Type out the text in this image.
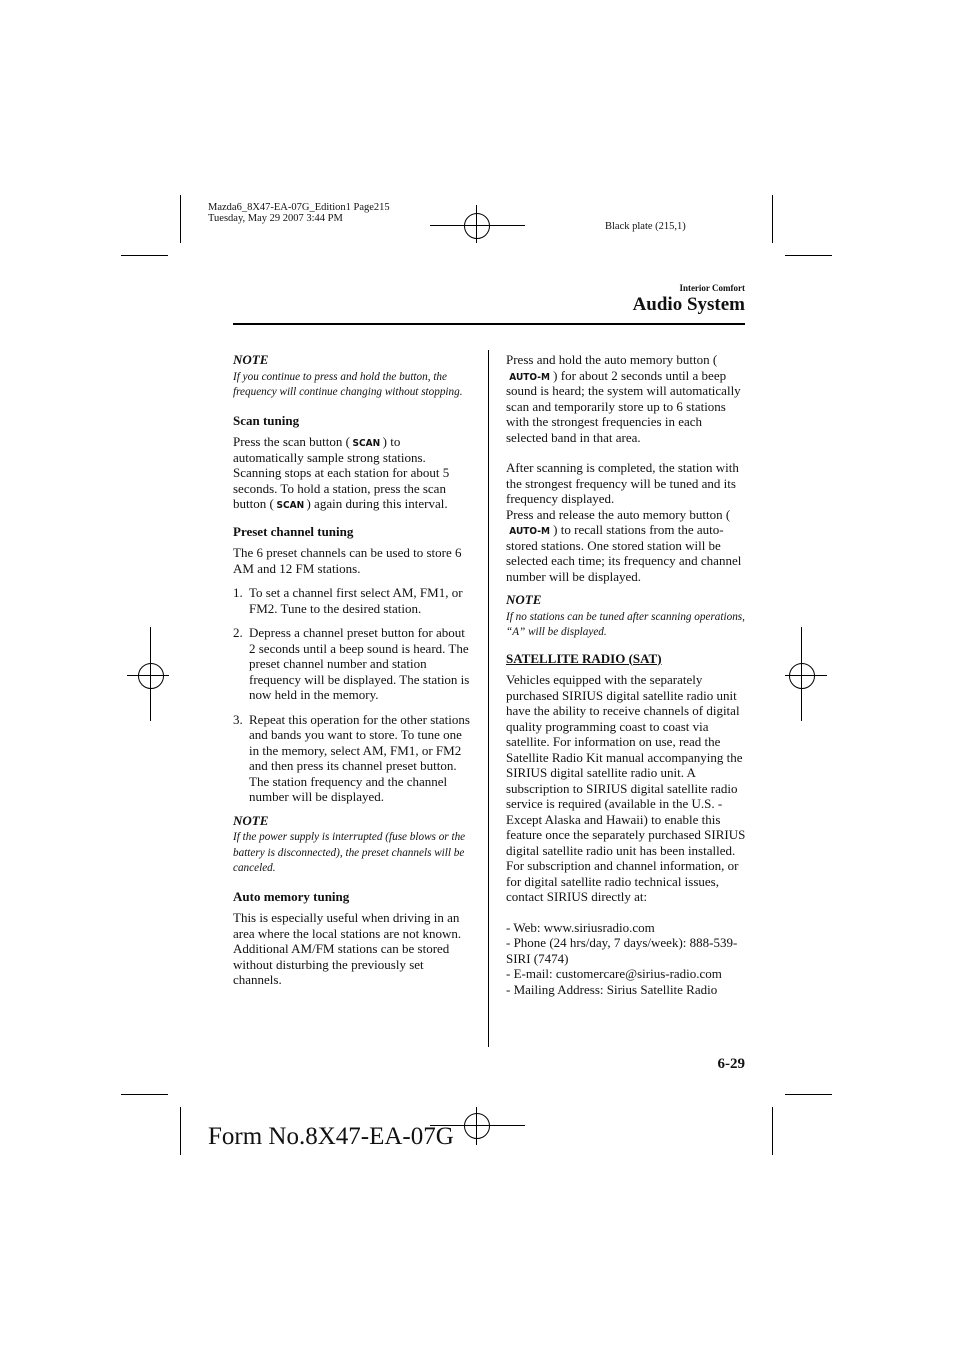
Mazda6_8X47-EA-07G_Edition1 Page215
Tuesday, May 29 2007 3:44 PM
Black plate (215,1)
Interior Comfort
Audio System

NOTE

If you continue to press and hold the button, the frequency will continue changing without stopping.

Scan tuning

Press the scan button ( SCAN ) to automatically sample strong stations. Scanning stops at each station for about 5 seconds. To hold a station, press the scan button ( SCAN ) again during this interval.

Preset channel tuning

The 6 preset channels can be used to store 6 AM and 12 FM stations.

1. To set a channel first select AM, FM1, or FM2. Tune to the desired station.
2. Depress a channel preset button for about 2 seconds until a beep sound is heard. The preset channel number and station frequency will be displayed. The station is now held in the memory.
3. Repeat this operation for the other stations and bands you want to store. To tune one in the memory, select AM, FM1, or FM2 and then press its channel preset button. The station frequency and the channel number will be displayed.

NOTE

If the power supply is interrupted (fuse blows or the battery is disconnected), the preset channels will be canceled.

Auto memory tuning

This is especially useful when driving in an area where the local stations are not known. Additional AM/FM stations can be stored without disturbing the previously set channels.

Press and hold the auto memory button (AUTO-M ) for about 2 seconds until a beep sound is heard; the system will automatically scan and temporarily store up to 6 stations with the strongest frequencies in each selected band in that area.

After scanning is completed, the station with the strongest frequency will be tuned and its frequency displayed.

Press and release the auto memory button (AUTO-M ) to recall stations from the auto-stored stations. One stored station will be selected each time; its frequency and channel number will be displayed.

NOTE

If no stations can be tuned after scanning operations, “A” will be displayed.

SATELLITE RADIO (SAT)

Vehicles equipped with the separately purchased SIRIUS digital satellite radio unit have the ability to receive channels of digital quality programming coast to coast via satellite. For information on use, read the Satellite Radio Kit manual accompanying the SIRIUS digital satellite radio unit. A subscription to SIRIUS digital satellite radio service is required (available in the U.S. - Except Alaska and Hawaii) to enable this feature once the separately purchased SIRIUS digital satellite radio unit has been installed. For subscription and channel information, or for digital satellite radio technical issues, contact SIRIUS directly at:

- Web: www.siriusradio.com

- Phone (24 hrs/day, 7 days/week): 888-539-SIRI (7474)

- E-mail: customercare@sirius-radio.com

- Mailing Address: Sirius Satellite Radio

6-29
Form No.8X47-EA-07G
